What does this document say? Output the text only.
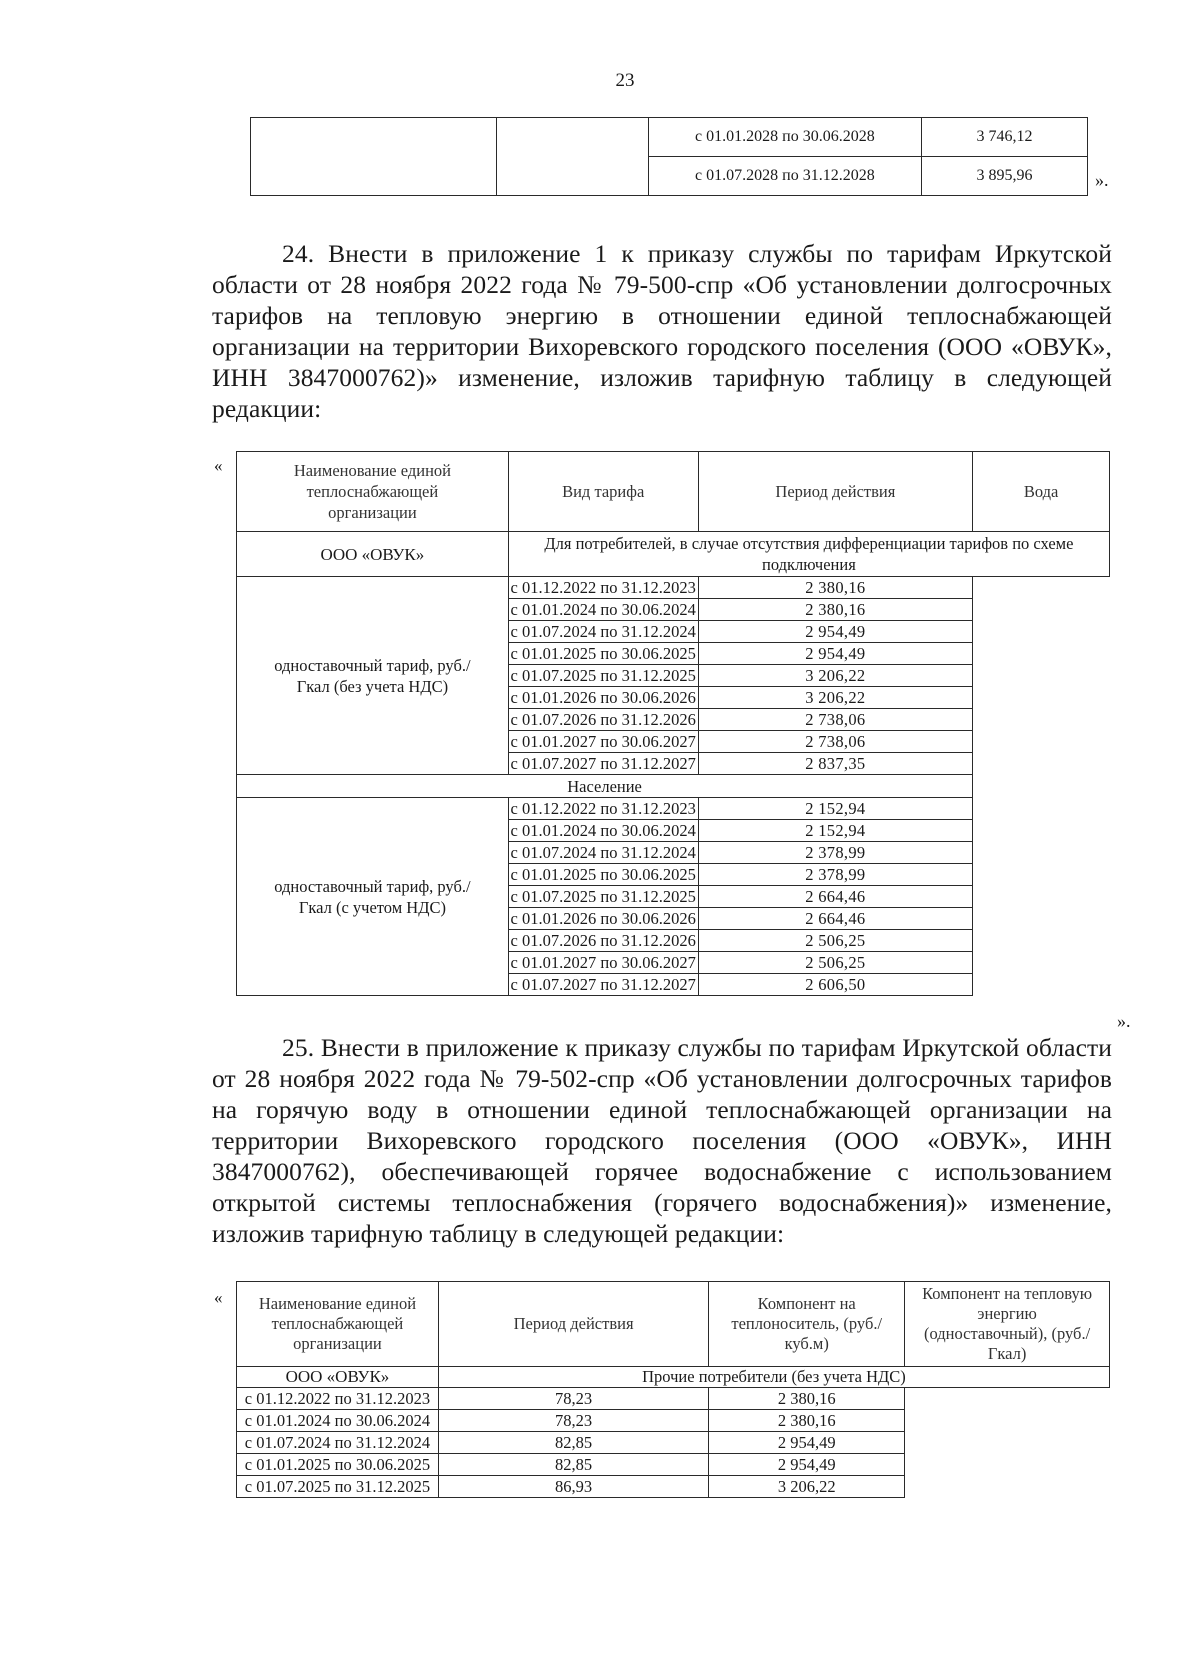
23
		с 01.01.2028 по 30.06.2028	3 746,12
		с 01.07.2028 по 31.12.2028	3 895,96	».
24. Внести в приложение 1 к приказу службы по тарифам Иркутской области от 28 ноября 2022 года № 79-500-спр «Об установлении долгосрочных тарифов на тепловую энергию в отношении единой теплоснабжающей организации на территории Вихоревского городского поселения (ООО «ОВУК», ИНН 3847000762)» изменение, изложив тарифную таблицу в следующей редакции:
«	Наименование единой теплоснабжающей организации	Вид тарифа	Период действия	Вода
ООО «ОВУК»	Для потребителей, в случае отсутствия дифференциации тарифов по схеме подключения		
одноставочный тариф, руб./Гкал (без учета НДС)	с 01.12.2022 по 31.12.2023	2 380,16	
	с 01.01.2024 по 30.06.2024	2 380,16	
	с 01.07.2024 по 31.12.2024	2 954,49	
	с 01.01.2025 по 30.06.2025	2 954,49	
	с 01.07.2025 по 31.12.2025	3 206,22	
	с 01.01.2026 по 30.06.2026	3 206,22	
	с 01.07.2026 по 31.12.2026	2 738,06	
	с 01.01.2027 по 30.06.2027	2 738,06	
	с 01.07.2027 по 31.12.2027	2 837,35	
Население			
одноставочный тариф, руб./Гкал (с учетом НДС)	с 01.12.2022 по 31.12.2023	2 152,94	
	с 01.01.2024 по 30.06.2024	2 152,94	
	с 01.07.2024 по 31.12.2024	2 378,99	
	с 01.01.2025 по 30.06.2025	2 378,99	
	с 01.07.2025 по 31.12.2025	2 664,46	
	с 01.01.2026 по 30.06.2026	2 664,46	
	с 01.07.2026 по 31.12.2026	2 506,25	
	с 01.01.2027 по 30.06.2027	2 506,25	
	с 01.07.2027 по 31.12.2027	2 606,50	
».
25. Внести в приложение к приказу службы по тарифам Иркутской области от 28 ноября 2022 года № 79-502-спр «Об установлении долгосрочных тарифов на горячую воду в отношении единой теплоснабжающей организации на территории Вихоревского городского поселения (ООО «ОВУК», ИНН 3847000762), обеспечивающей горячее водоснабжение с использованием открытой системы теплоснабжения (горячего водоснабжения)» изменение, изложив тарифную таблицу в следующей редакции:
« Наименование единой теплоснабжающей организации	Период действия	Компонент на теплоноситель, (руб./куб.м)	Компонент на тепловую энергию (одноставочный), (руб./Гкал)
ООО «ОВУК»	Прочие потребители (без учета НДС)		
с 01.12.2022 по 31.12.2023	78,23	2 380,16	
с 01.01.2024 по 30.06.2024	78,23	2 380,16	
с 01.07.2024 по 31.12.2024	82,85	2 954,49	
с 01.01.2025 по 30.06.2025	82,85	2 954,49	
с 01.07.2025 по 31.12.2025	86,93	3 206,22	
